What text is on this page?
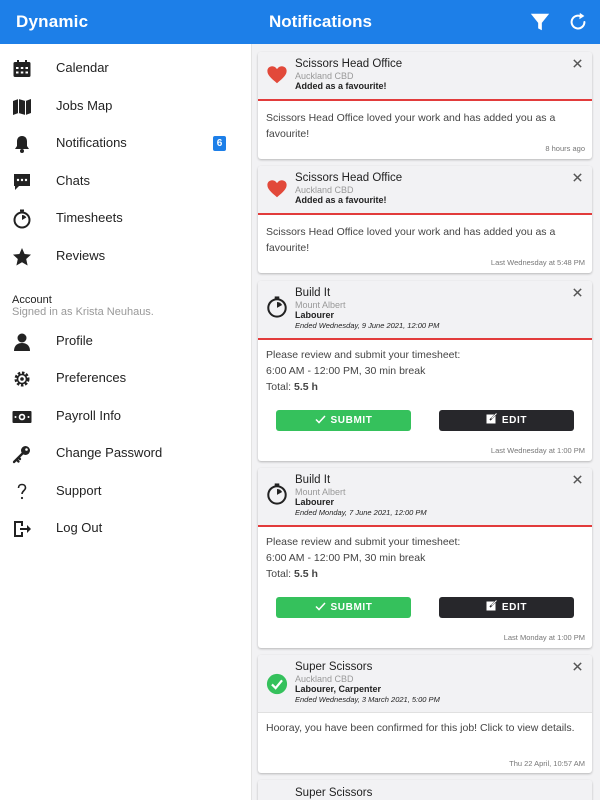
Dynamic	Notifications
Calendar
Jobs Map
Notifications	6
Chats
Timesheets
Reviews
Account
Signed in as Krista Neuhaus.
Profile
Preferences
Payroll Info
Change Password
Support
Log Out
Scissors Head Office
Auckland CBD
Added as a favourite!
Scissors Head Office loved your work and has added you as a favourite!
8 hours ago
Scissors Head Office
Auckland CBD
Added as a favourite!
Scissors Head Office loved your work and has added you as a favourite!
Last Wednesday at 5:48 PM
Build It
Mount Albert
Labourer
Ended Wednesday, 9 June 2021, 12:00 PM
Please review and submit your timesheet:
6:00 AM - 12:00 PM, 30 min break
Total: 5.5 h
SUBMIT	EDIT
Last Wednesday at 1:00 PM
Build It
Mount Albert
Labourer
Ended Monday, 7 June 2021, 12:00 PM
Please review and submit your timesheet:
6:00 AM - 12:00 PM, 30 min break
Total: 5.5 h
SUBMIT	EDIT
Last Monday at 1:00 PM
Super Scissors
Auckland CBD
Labourer, Carpenter
Ended Wednesday, 3 March 2021, 5:00 PM
Hooray, you have been confirmed for this job! Click to view details.
Thu 22 April, 10:57 AM
Super Scissors
